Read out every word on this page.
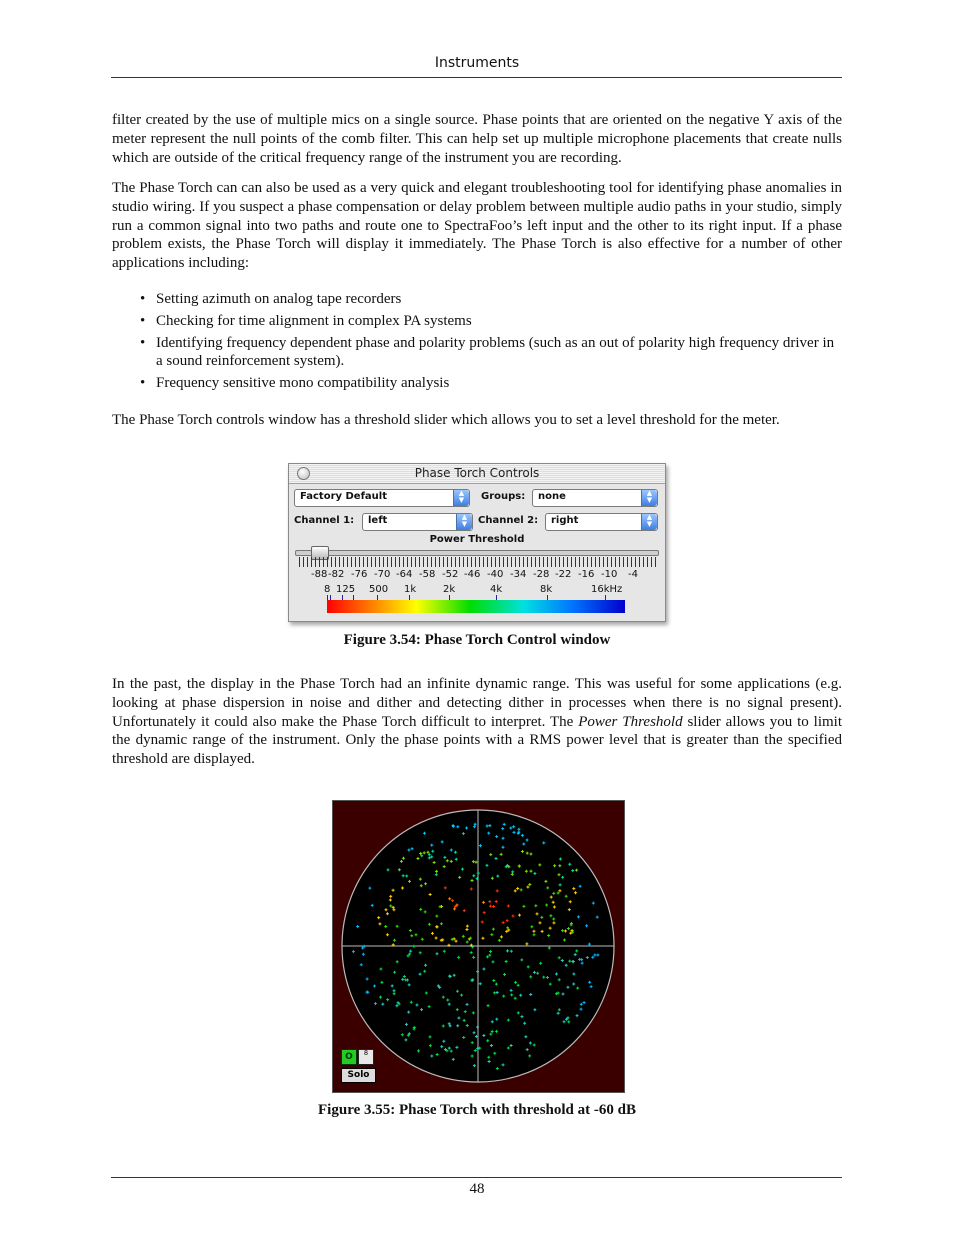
Instruments
filter created by the use of multiple mics on a single source. Phase points that are oriented on the negative Y axis of the meter represent the null points of the comb filter. This can help set up multiple microphone placements that create nulls which are outside of the critical frequency range of the instrument you are recording.
The Phase Torch can can also be used as a very quick and elegant troubleshooting tool for identifying phase anomalies in studio wiring. If you suspect a phase compensation or delay problem between multiple audio paths in your studio, simply run a common signal into two paths and route one to SpectraFoo’s left input and the other to its right input. If a phase problem exists, the Phase Torch will display it immediately. The Phase Torch is also effective for a number of other applications including:
• Setting azimuth on analog tape recorders
• Checking for time alignment in complex PA systems
• Identifying frequency dependent phase and polarity problems (such as an out of polarity high frequency driver in a sound reinforcement system).
• Frequency sensitive mono compatibility analysis
The Phase Torch controls window has a threshold slider which allows you to set a level threshold for the meter.
Phase Torch Controls
Factory Default	▲
▼	Groups: none	▲
▼
Channel 1: left	▲
▼	Channel 2: right	▲
▼
Power Threshold
-88 -82 -76 -70 -64 -58 -52 -46 -40 -34 -28 -22 -16 -10 -4
8 125 500 1k	2k	4k	8k	16kHz
Figure 3.54: Phase Torch Control window
In the past, the display in the Phase Torch had an infinite dynamic range. This was useful for some applications (e.g. looking at phase dispersion in noise and dither and detecting dither in processes when there is no signal present). Unfortunately it could also make the Phase Torch difficult to interpret. The Power Threshold slider allows you to limit the dynamic range of the instrument. Only the phase points with a RMS power level that is greater than the specified threshold are displayed.
O	8
Solo
Figure 3.55: Phase Torch with threshold at -60 dB
48
